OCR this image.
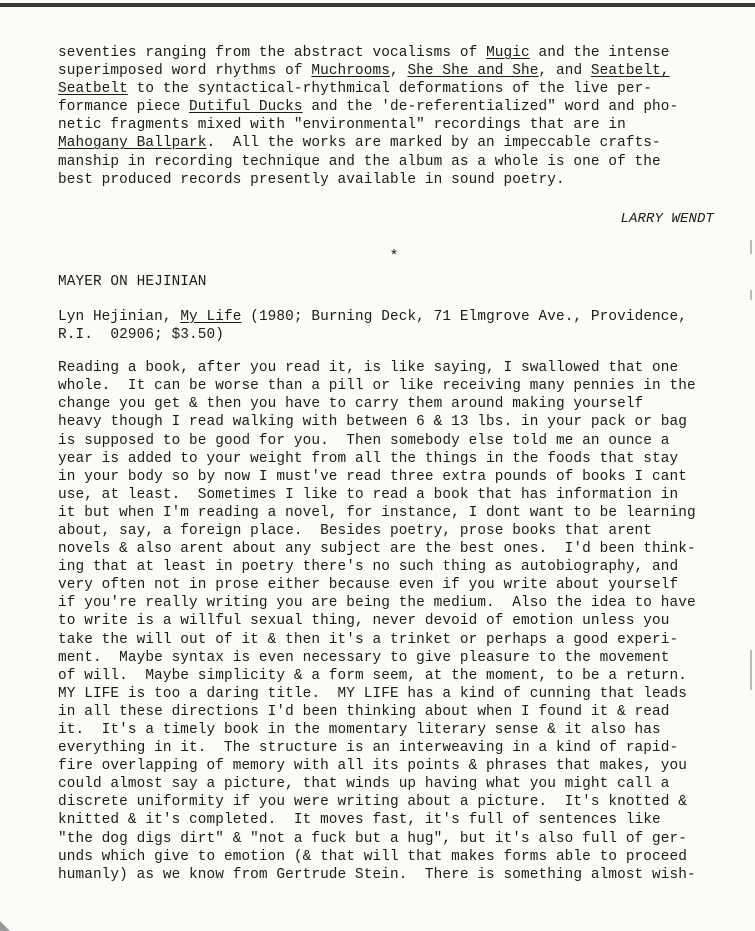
seventies ranging from the abstract vocalisms of Mugic and the intense

superimposed word rhythms of Muchrooms, She She and She, and Seatbelt,

Seatbelt to the syntactical-rhythmical deformations of the live per-

formance piece Dutiful Ducks and the 'de-referentialized" word and pho-

netic fragments mixed with "environmental" recordings that are in

Mahogany Ballpark.  All the works are marked by an impeccable crafts-

manship in recording technique and the album as a whole is one of the

best produced records presently available in sound poetry.

LARRY WENDT

*

MAYER ON HEJINIAN

Lyn Hejinian, My Life (1980; Burning Deck, 71 Elmgrove Ave., Providence,

R.I.  02906; $3.50)

Reading a book, after you read it, is like saying, I swallowed that one

whole.  It can be worse than a pill or like receiving many pennies in the

change you get & then you have to carry them around making yourself

heavy though I read walking with between 6 & 13 lbs. in your pack or bag

is supposed to be good for you.  Then somebody else told me an ounce a

year is added to your weight from all the things in the foods that stay

in your body so by now I must've read three extra pounds of books I cant

use, at least.  Sometimes I like to read a book that has information in

it but when I'm reading a novel, for instance, I dont want to be learning

about, say, a foreign place.  Besides poetry, prose books that arent

novels & also arent about any subject are the best ones.  I'd been think-

ing that at least in poetry there's no such thing as autobiography, and

very often not in prose either because even if you write about yourself

if you're really writing you are being the medium.  Also the idea to have

to write is a willful sexual thing, never devoid of emotion unless you

take the will out of it & then it's a trinket or perhaps a good experi-

ment.  Maybe syntax is even necessary to give pleasure to the movement

of will.  Maybe simplicity & a form seem, at the moment, to be a return.

MY LIFE is too a daring title.  MY LIFE has a kind of cunning that leads

in all these directions I'd been thinking about when I found it & read

it.  It's a timely book in the momentary literary sense & it also has

everything in it.  The structure is an interweaving in a kind of rapid-

fire overlapping of memory with all its points & phrases that makes, you

could almost say a picture, that winds up having what you might call a

discrete uniformity if you were writing about a picture.  It's knotted &

knitted & it's completed.  It moves fast, it's full of sentences like

"the dog digs dirt" & "not a fuck but a hug", but it's also full of ger-

unds which give to emotion (& that will that makes forms able to proceed

humanly) as we know from Gertrude Stein.  There is something almost wish-
